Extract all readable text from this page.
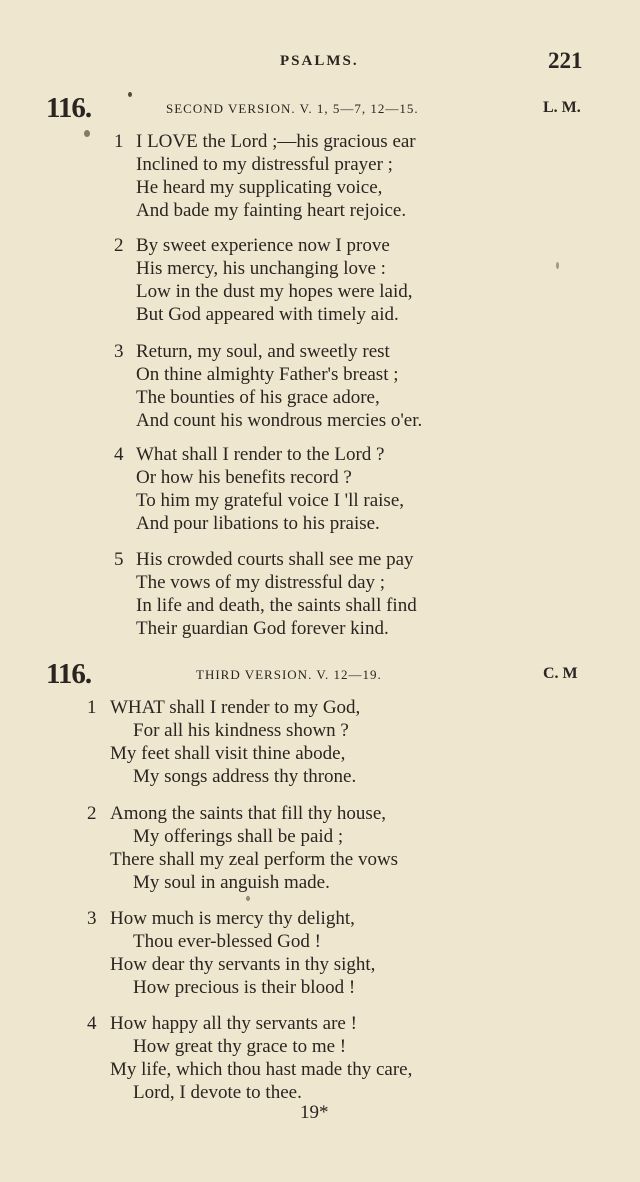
PSALMS.	221
116.	SECOND VERSION. V. 1, 5—7, 12—15.	L. M.
1 I LOVE the Lord ;—his gracious ear
Inclined to my distressful prayer ;
He heard my supplicating voice,
And bade my fainting heart rejoice.
2 By sweet experience now I prove
His mercy, his unchanging love :
Low in the dust my hopes were laid,
But God appeared with timely aid.
3 Return, my soul, and sweetly rest
On thine almighty Father's breast ;
The bounties of his grace adore,
And count his wondrous mercies o'er.
4 What shall I render to the Lord ?
Or how his benefits record ?
To him my grateful voice I 'll raise,
And pour libations to his praise.
5 His crowded courts shall see me pay
The vows of my distressful day ;
In life and death, the saints shall find
Their guardian God forever kind.
116.	THIRD VERSION. V. 12—19.	C. M
1 WHAT shall I render to my God,
For all his kindness shown ?
My feet shall visit thine abode,
My songs address thy throne.
2 Among the saints that fill thy house,
My offerings shall be paid ;
There shall my zeal perform the vows
My soul in anguish made.
3 How much is mercy thy delight,
Thou ever-blessed God !
How dear thy servants in thy sight,
How precious is their blood !
4 How happy all thy servants are !
How great thy grace to me !
My life, which thou hast made thy care,
Lord, I devote to thee.
19*
